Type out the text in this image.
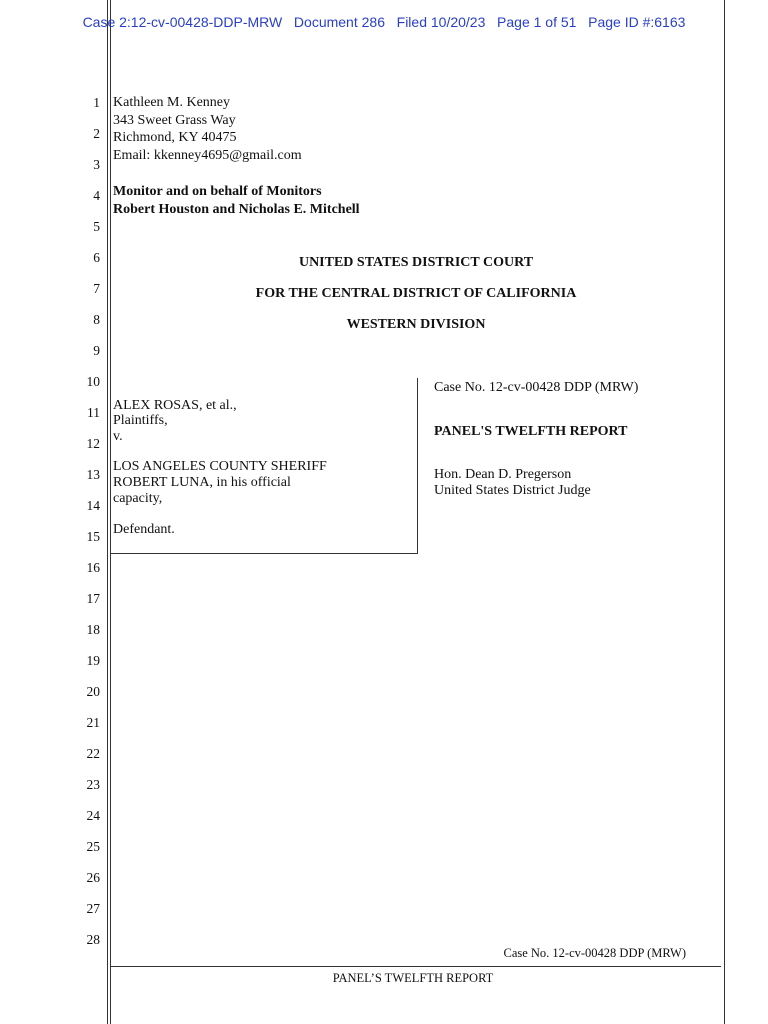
Case 2:12-cv-00428-DDP-MRW   Document 286   Filed 10/20/23   Page 1 of 51   Page ID #:6163
1
2
3
4
5
6
7
8
9
10
11
12
13
14
15
16
17
18
19
20
21
22
23
24
25
26
27
28
Kathleen M. Kenney
343 Sweet Grass Way
Richmond, KY 40475
Email: kkenney4695@gmail.com
Monitor and on behalf of Monitors
Robert Houston and Nicholas E. Mitchell
UNITED STATES DISTRICT COURT
FOR THE CENTRAL DISTRICT OF CALIFORNIA
WESTERN DIVISION
ALEX ROSAS, et al.,
Plaintiffs,
v.
LOS ANGELES COUNTY SHERIFF
ROBERT LUNA, in his official
capacity,
Defendant.
Case No. 12-cv-00428 DDP (MRW)
PANEL'S TWELFTH REPORT
Hon. Dean D. Pregerson
United States District Judge
Case No. 12-cv-00428 DDP (MRW)
PANEL’S TWELFTH REPORT
